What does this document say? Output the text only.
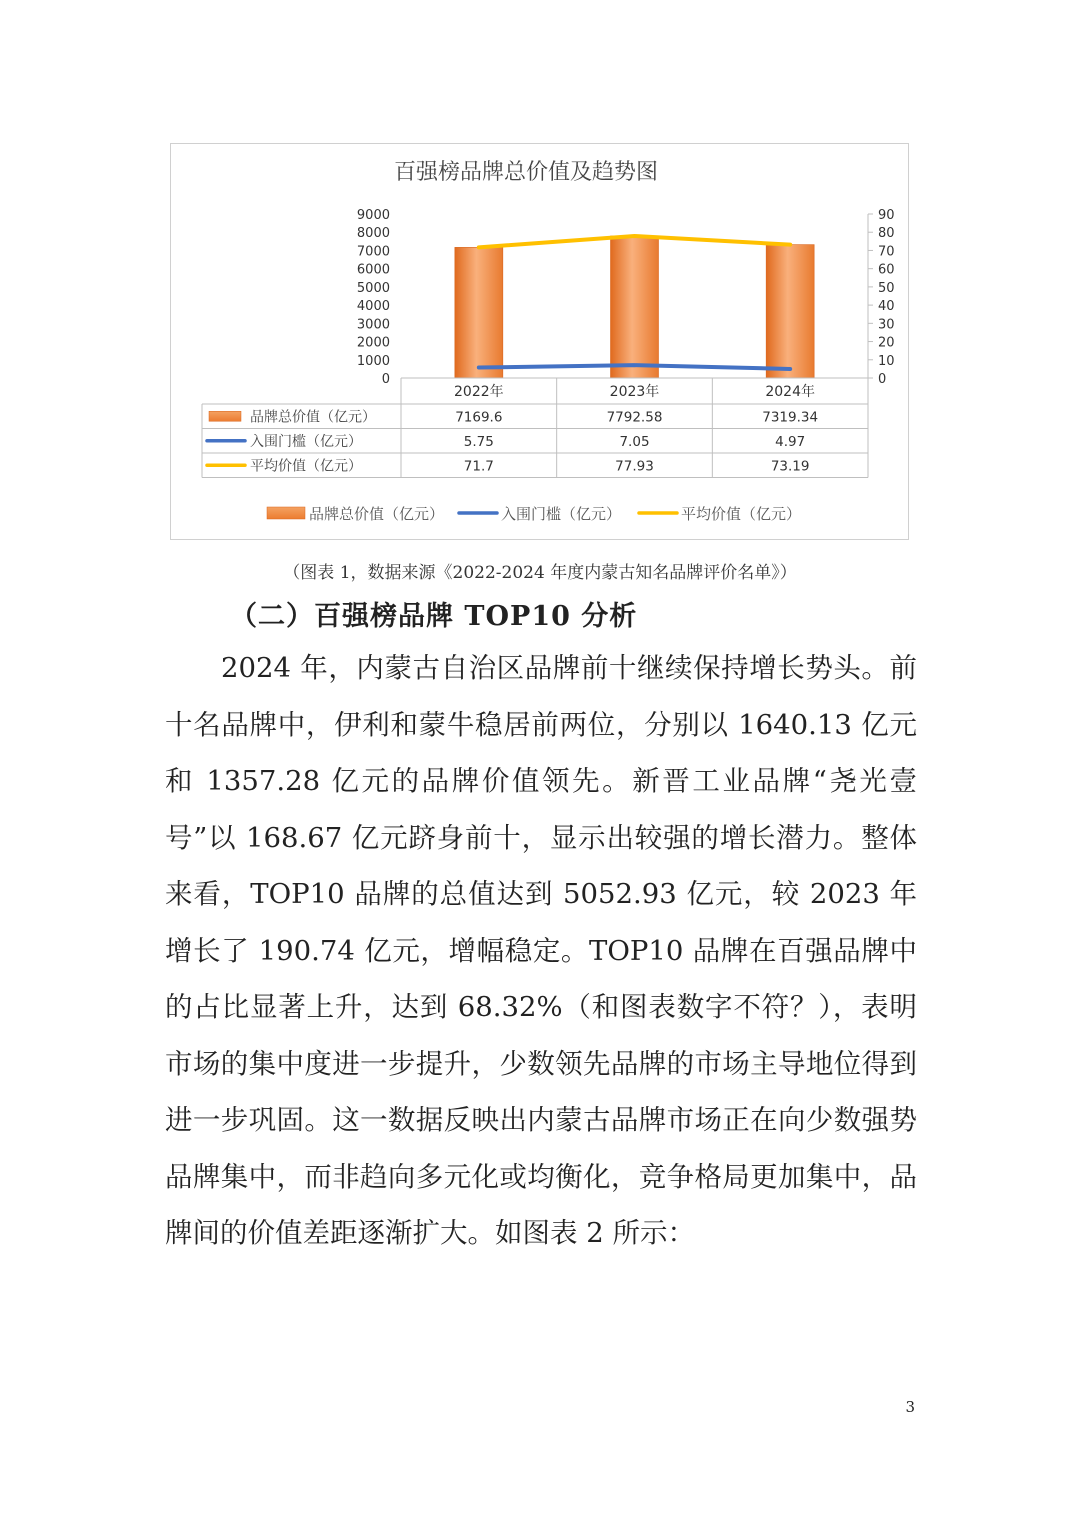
百强榜品牌总价值及趋势图
0
1000
2000
3000
4000
5000
6000
7000
8000
9000
0
10
20
30
40
50
60
70
80
90
2022年	2023年	2024年
品牌总价值（亿元）	7169.6	7792.58	7319.34
入围门槛（亿元）	5.75	7.05	4.97
平均价值（亿元）	71.7	77.93	73.19
品牌总价值（亿元）	入围门槛（亿元）	平均价值（亿元）
（图表 1，数据来源《2022-2024 年度内蒙古知名品牌评价名单》）
（二）百强榜品牌 TOP10 分析
2024 年，内蒙古自治区品牌前十继续保持增长势头。前十名品牌中，伊利和蒙牛稳居前两位，分别以 1640.13 亿元和 1357.28 亿元的品牌价值领先。新晋工业品牌“尧光壹号”以 168.67 亿元跻身前十，显示出较强的增长潜力。整体来看，TOP10 品牌的总值达到 5052.93 亿元，较 2023 年增长了 190.74 亿元，增幅稳定。TOP10 品牌在百强品牌中的占比显著上升，达到 68.32%（和图表数字不符？），表明市场的集中度进一步提升，少数领先品牌的市场主导地位得到进一步巩固。这一数据反映出内蒙古品牌市场正在向少数强势品牌集中，而非趋向多元化或均衡化，竞争格局更加集中，品牌间的价值差距逐渐扩大。如图表 2 所示：
3
